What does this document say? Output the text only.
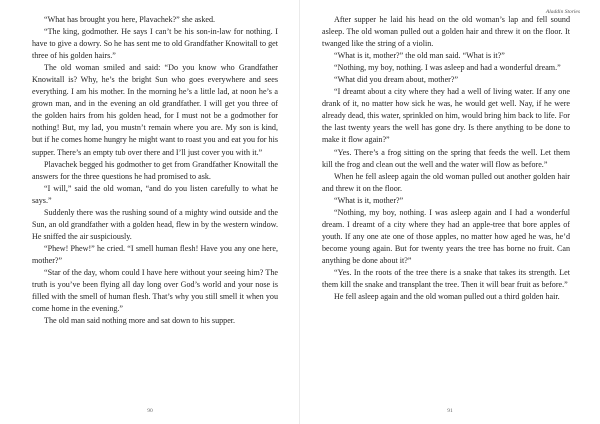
“What has brought you here, Plavachek?” she asked.

“The king, godmother. He says I can’t be his son-in-law for nothing. I have to give a dowry. So he has sent me to old Grandfather Knowitall to get three of his golden hairs.”

The old woman smiled and said: “Do you know who Grandfather Knowitall is? Why, he’s the bright Sun who goes everywhere and sees everything. I am his mother. In the morning he’s a little lad, at noon he’s a grown man, and in the evening an old grandfather. I will get you three of the golden hairs from his golden head, for I must not be a godmother for nothing! But, my lad, you mustn’t remain where you are. My son is kind, but if he comes home hungry he might want to roast you and eat you for his supper. There’s an empty tub over there and I’ll just cover you with it.”

Plavachek begged his godmother to get from Grandfather Knowitall the answers for the three questions he had promised to ask.

“I will,” said the old woman, “and do you listen carefully to what he says.”

Suddenly there was the rushing sound of a mighty wind outside and the Sun, an old grandfather with a golden head, flew in by the western window. He sniffed the air suspiciously.

“Phew! Phew!” he cried. “I smell human flesh! Have you any one here, mother?”

“Star of the day, whom could I have here without your seeing him? The truth is you’ve been flying all day long over God’s world and your nose is filled with the smell of human flesh. That’s why you still smell it when you come home in the evening.”

The old man said nothing more and sat down to his supper.

90
Aladdin Stories

After supper he laid his head on the old woman’s lap and fell sound asleep. The old woman pulled out a golden hair and threw it on the floor. It twanged like the string of a violin.

“What is it, mother?” the old man said. “What is it?”

“Nothing, my boy, nothing. I was asleep and had a wonderful dream.”

“What did you dream about, mother?”

“I dreamt about a city where they had a well of living water. If any one drank of it, no matter how sick he was, he would get well. Nay, if he were already dead, this water, sprinkled on him, would bring him back to life. For the last twenty years the well has gone dry. Is there anything to be done to make it flow again?”

“Yes. There’s a frog sitting on the spring that feeds the well. Let them kill the frog and clean out the well and the water will flow as before.”

When he fell asleep again the old woman pulled out another golden hair and threw it on the floor.

“What is it, mother?”

“Nothing, my boy, nothing. I was asleep again and I had a wonderful dream. I dreamt of a city where they had an apple-tree that bore apples of youth. If any one ate one of those apples, no matter how aged he was, he’d become young again. But for twenty years the tree has borne no fruit. Can anything be done about it?”

“Yes. In the roots of the tree there is a snake that takes its strength. Let them kill the snake and transplant the tree. Then it will bear fruit as before.”

He fell asleep again and the old woman pulled out a third golden hair.

91
